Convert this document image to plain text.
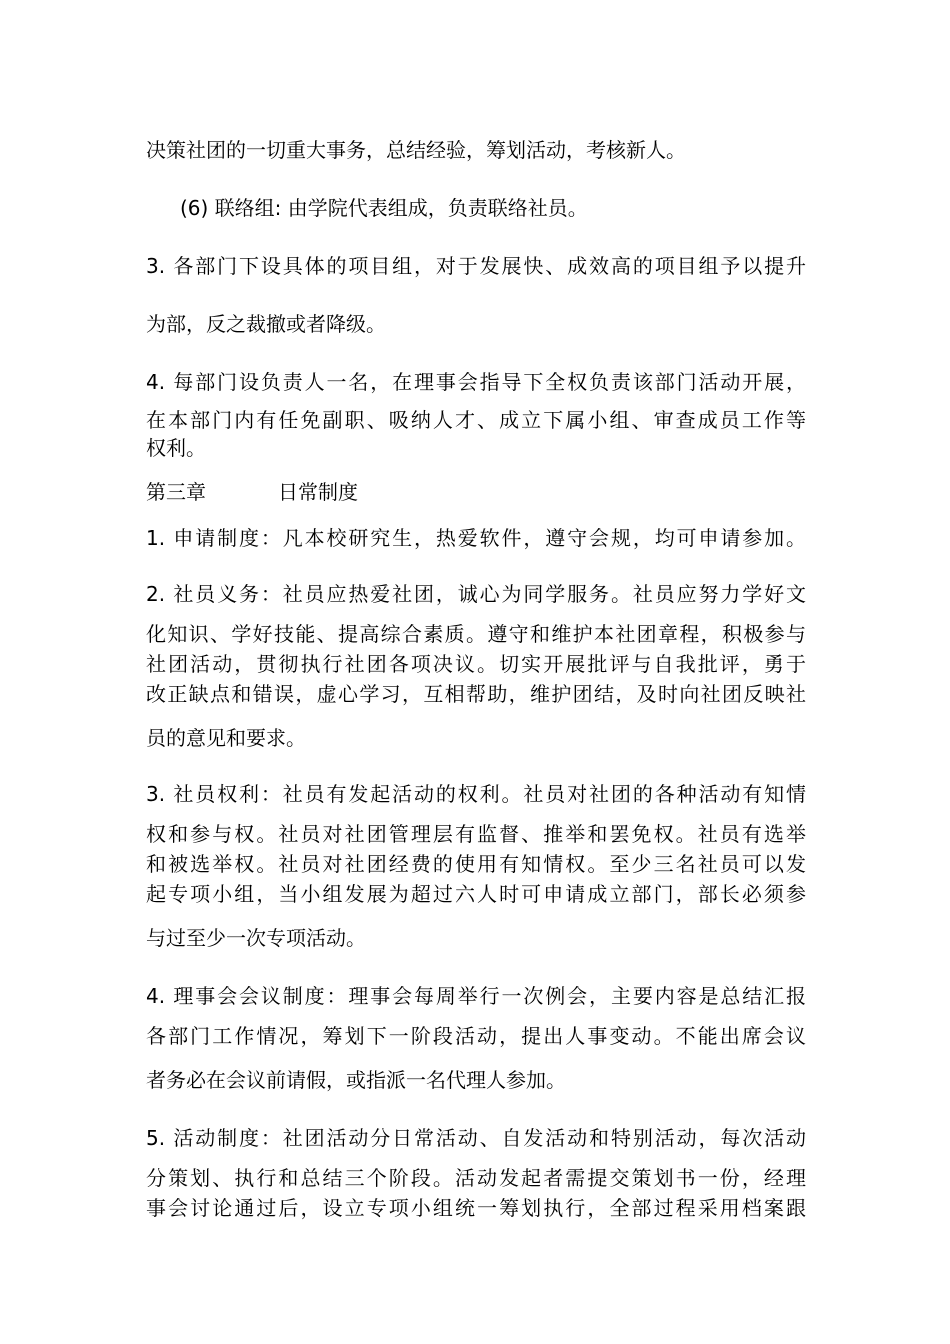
决策社团的一切重大事务，总结经验，筹划活动，考核新人。
(6) 联络组: 由学院代表组成，负责联络社员。
3. 各部门下设具体的项目组，对于发展快、成效高的项目组予以提升
为部，反之裁撤或者降级。
4. 每部门设负责人一名，在理事会指导下全权负责该部门活动开展，
在本部门内有任免副职、吸纳人才、成立下属小组、审查成员工作等
权利。
第三章	日常制度
1. 申请制度：凡本校研究生，热爱软件，遵守会规，均可申请参加。
2. 社员义务：社员应热爱社团，诚心为同学服务。社员应努力学好文
化知识、学好技能、提高综合素质。遵守和维护本社团章程，积极参与
社团活动，贯彻执行社团各项决议。切实开展批评与自我批评，勇于
改正缺点和错误，虚心学习，互相帮助，维护团结，及时向社团反映社
员的意见和要求。
3. 社员权利：社员有发起活动的权利。社员对社团的各种活动有知情
权和参与权。社员对社团管理层有监督、推举和罢免权。社员有选举
和被选举权。社员对社团经费的使用有知情权。至少三名社员可以发
起专项小组，当小组发展为超过六人时可申请成立部门，部长必须参
与过至少一次专项活动。
4. 理事会会议制度：理事会每周举行一次例会，主要内容是总结汇报
各部门工作情况，筹划下一阶段活动，提出人事变动。不能出席会议
者务必在会议前请假，或指派一名代理人参加。
5. 活动制度：社团活动分日常活动、自发活动和特别活动，每次活动
分策划、执行和总结三个阶段。活动发起者需提交策划书一份，经理
事会讨论通过后，设立专项小组统一筹划执行，全部过程采用档案跟
